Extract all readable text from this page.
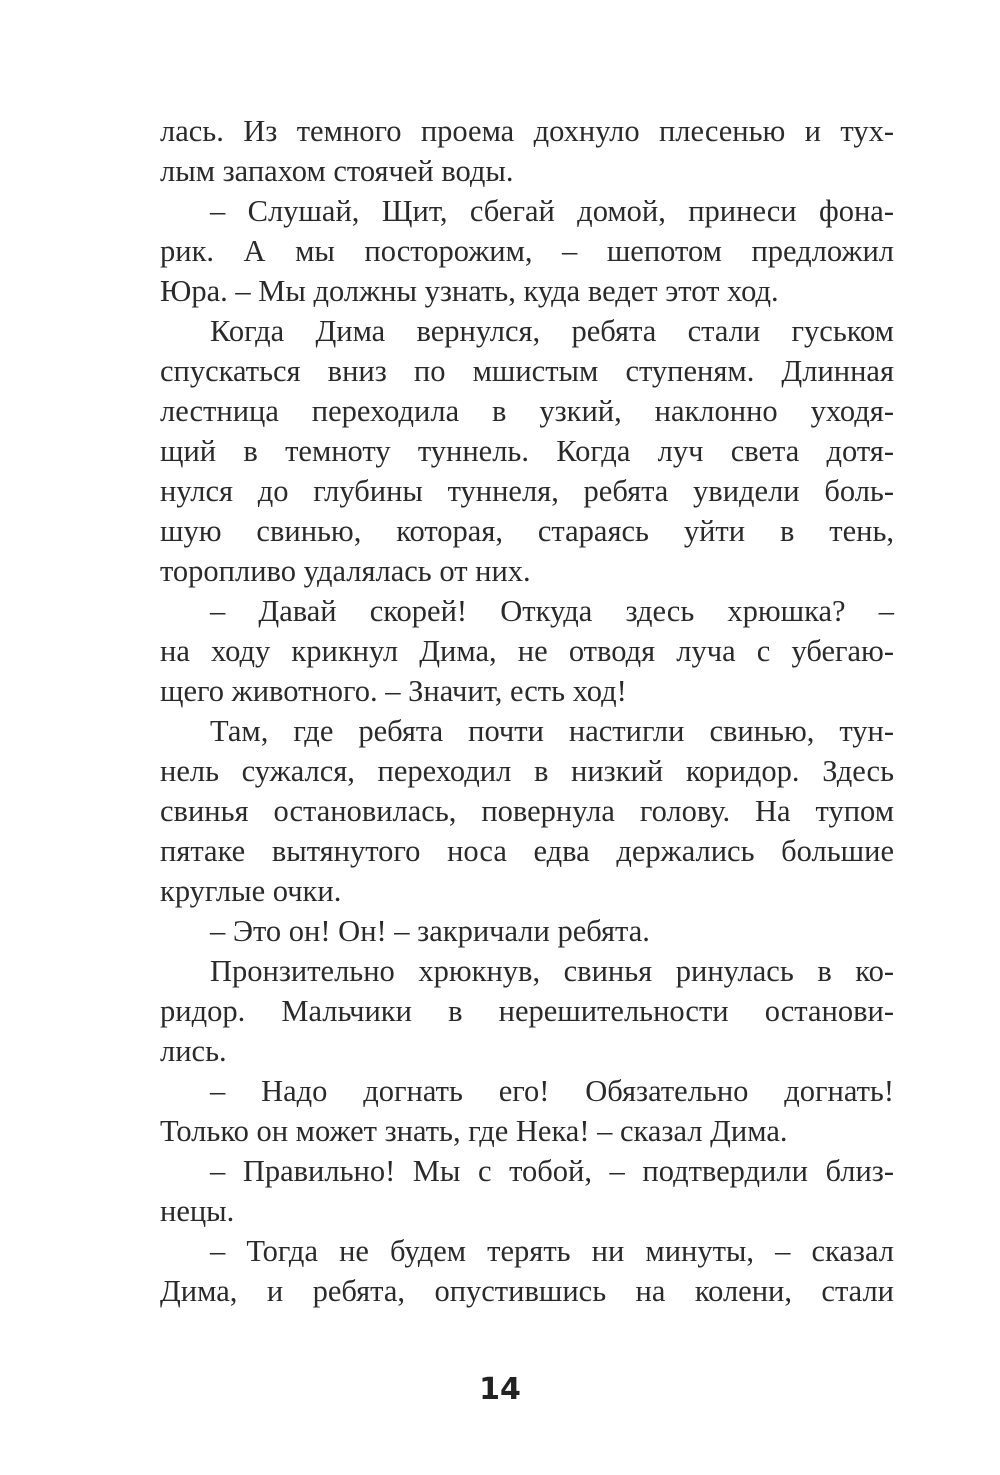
лась. Из темного проема дохнуло плесенью и тух-
лым запахом стоячей воды.
– Слушай, Щит, сбегай домой, принеси фона-
рик. А мы посторожим, – шепотом предложил
Юра. – Мы должны узнать, куда ведет этот ход.
Когда Дима вернулся, ребята стали гуськом
спускаться вниз по мшистым ступеням. Длинная
лестница переходила в узкий, наклонно уходя-
щий в темноту туннель. Когда луч света дотя-
нулся до глубины туннеля, ребята увидели боль-
шую свинью, которая, стараясь уйти в тень,
торопливо удалялась от них.
– Давай скорей! Откуда здесь хрюшка? –
на ходу крикнул Дима, не отводя луча с убегаю-
щего животного. – Значит, есть ход!
Там, где ребята почти настигли свинью, тун-
нель сужался, переходил в низкий коридор. Здесь
свинья остановилась, повернула голову. На тупом
пятаке вытянутого носа едва держались большие
круглые очки.
– Это он! Он! – закричали ребята.
Пронзительно хрюкнув, свинья ринулась в ко-
ридор. Мальчики в нерешительности останови-
лись.
– Надо догнать его! Обязательно догнать!
Только он может знать, где Нека! – сказал Дима.
– Правильно! Мы с тобой, – подтвердили близ-
нецы.
– Тогда не будем терять ни минуты, – сказал
Дима, и ребята, опустившись на колени, стали
14
